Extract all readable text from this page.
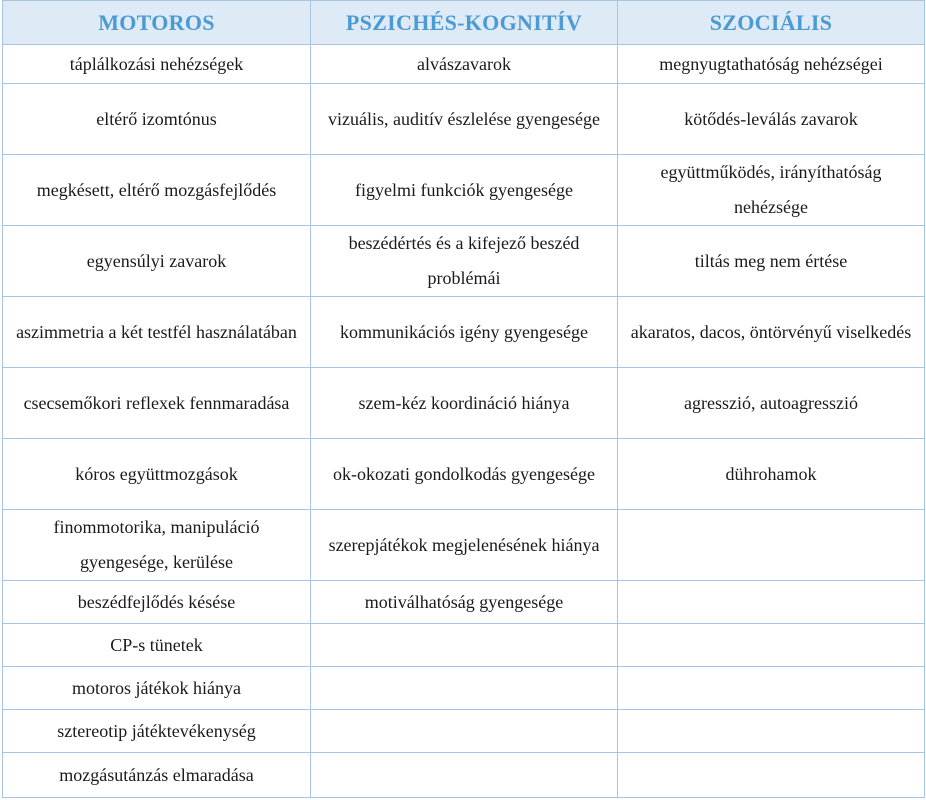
MOTOROS	PSZICHÉS-KOGNITÍV	SZOCIÁLIS
táplálkozási nehézségek	alvászavarok	megnyugtathatóság nehézségei
eltérő izomtónus	vizuális, auditív észlelése gyengesége	kötődés-leválás zavarok
megkésett, eltérő mozgásfejlődés	figyelmi funkciók gyengesége	együttműködés, irányíthatóság nehézsége
egyensúlyi zavarok	beszédértés és a kifejező beszéd problémái	tiltás meg nem értése
aszimmetria a két testfél használatában	kommunikációs igény gyengesége	akaratos, dacos, öntörvényű viselkedés
csecsemőkori reflexek fennmaradása	szem-kéz koordináció hiánya	agresszió, autoagresszió
kóros együttmozgások	ok-okozati gondolkodás gyengesége	dührohamok
finommotorika, manipuláció gyengesége, kerülése	szerepjátékok megjelenésének hiánya	
beszédfejlődés késése	motiválhatóság gyengesége	
CP-s tünetek		
motoros játékok hiánya		
sztereotip játéktevékenység		
mozgásutánzás elmaradása		
